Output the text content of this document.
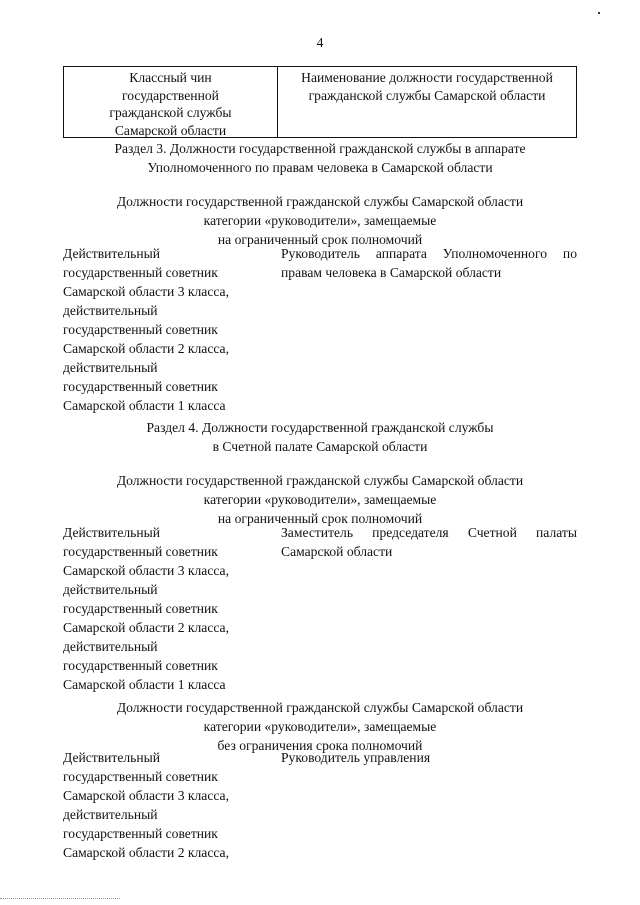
4
Классный чин
государственной
гражданской службы
Самарской области
Наименование должности государственной
гражданской службы Самарской области
Раздел 3. Должности государственной гражданской службы в аппарате
Уполномоченного по правам человека в Самарской области
Должности государственной гражданской службы Самарской области
категории «руководители», замещаемые
на ограниченный срок полномочий
Действительный
государственный советник
Самарской области 3 класса,
действительный
государственный советник
Самарской области 2 класса,
действительный
государственный советник
Самарской области 1 класса
Руководитель аппарата Уполномоченного по правам человека в Самарской области
Раздел 4. Должности государственной гражданской службы
в Счетной палате Самарской области
Должности государственной гражданской службы Самарской области
категории «руководители», замещаемые
на ограниченный срок полномочий
Действительный
государственный советник
Самарской области 3 класса,
действительный
государственный советник
Самарской области 2 класса,
действительный
государственный советник
Самарской области 1 класса
Заместитель председателя Счетной палаты Самарской области
Должности государственной гражданской службы Самарской области
категории «руководители», замещаемые
без ограничения срока полномочий
Действительный
государственный советник
Самарской области 3 класса,
действительный
государственный советник
Самарской области 2 класса,
Руководитель управления
